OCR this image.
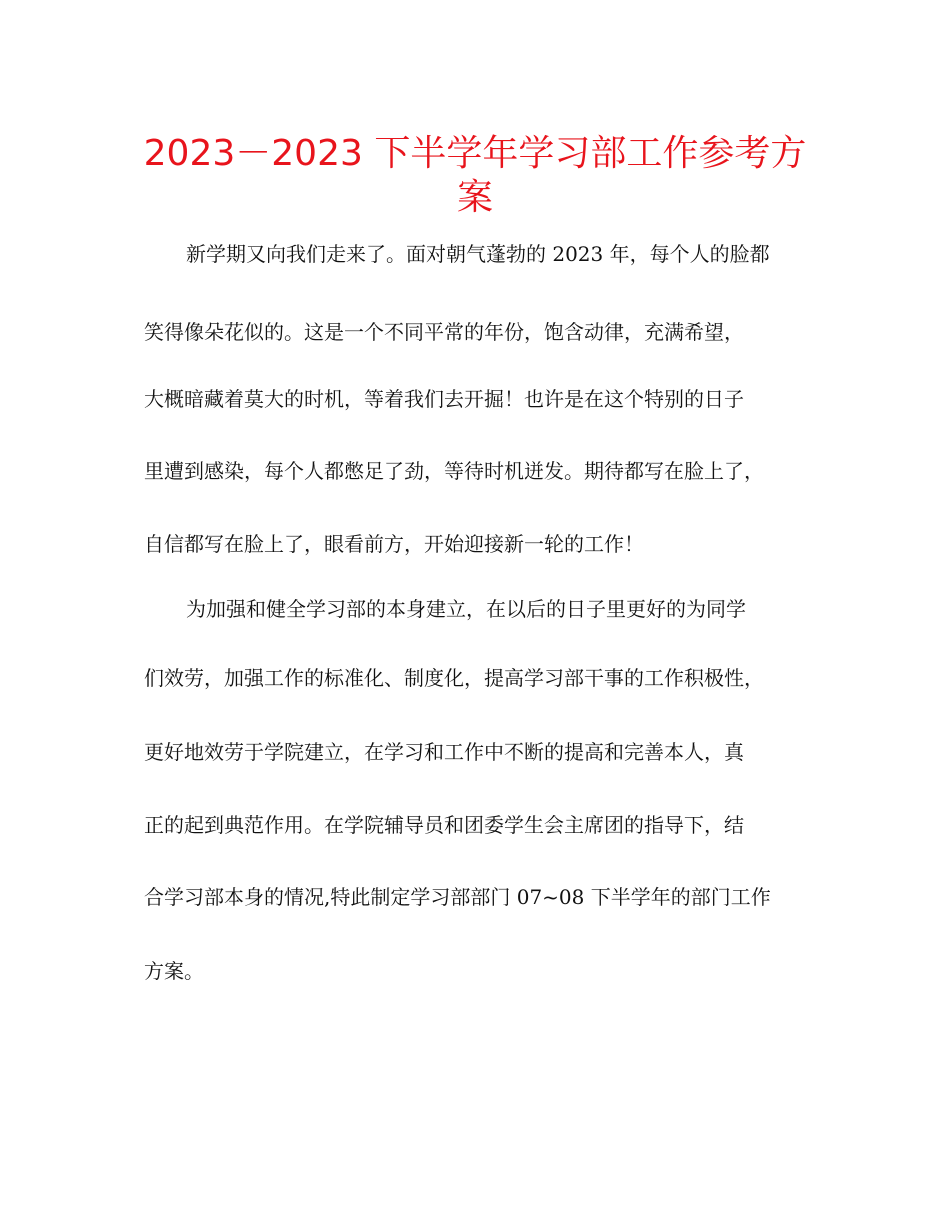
2023－2023 下半学年学习部工作参考方
案

新学期又向我们走来了。面对朝气蓬勃的 2023 年，每个人的脸都

笑得像朵花似的。这是一个不同平常的年份，饱含动律，充满希望，

大概暗藏着莫大的时机，等着我们去开掘！也许是在这个特别的日子

里遭到感染，每个人都憋足了劲，等待时机迸发。期待都写在脸上了，

自信都写在脸上了，眼看前方，开始迎接新一轮的工作！

为加强和健全学习部的本身建立，在以后的日子里更好的为同学

们效劳，加强工作的标准化、制度化，提高学习部干事的工作积极性，

更好地效劳于学院建立，在学习和工作中不断的提高和完善本人，真

正的起到典范作用。在学院辅导员和团委学生会主席团的指导下，结

合学习部本身的情况,特此制定学习部部门 07~08 下半学年的部门工作

方案。
